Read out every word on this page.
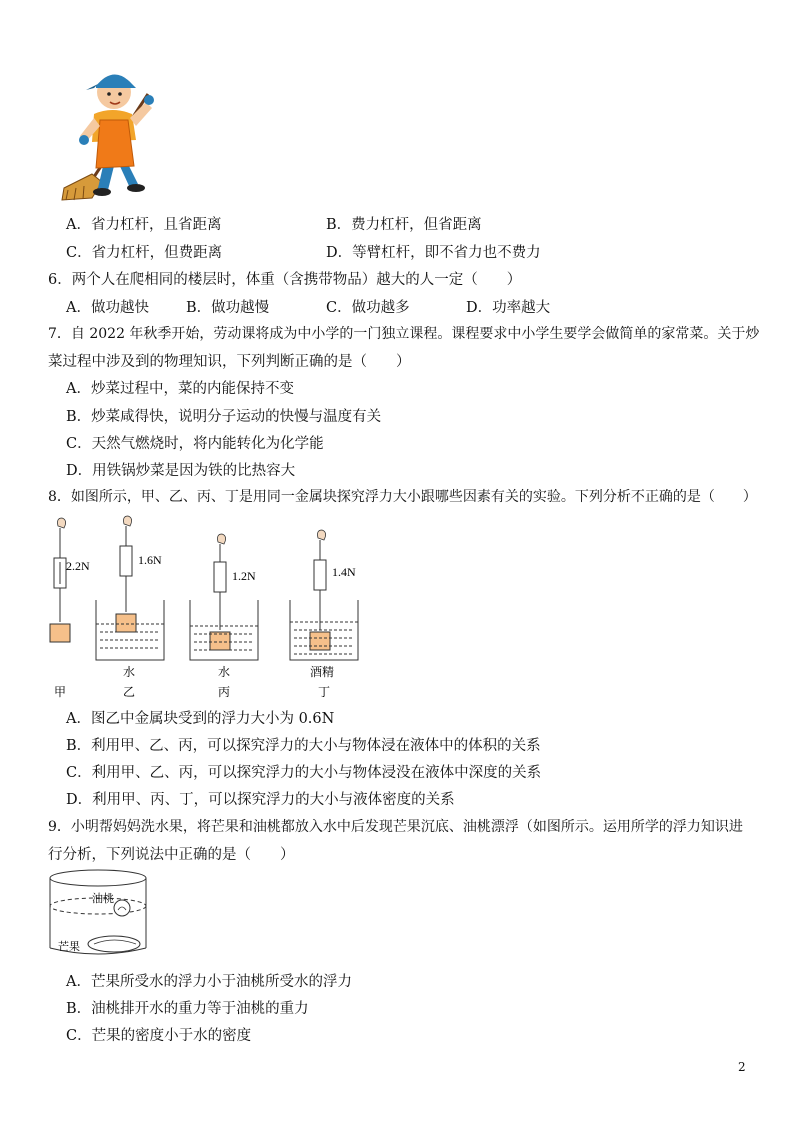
A．省力杠杆，且省距离	B．费力杠杆，但省距离
C．省力杠杆，但费距离	D．等臂杠杆，即不省力也不费力
6．两个人在爬相同的楼层时，体重（含携带物品）越大的人一定（　　）
A．做功越快	B．做功越慢	C．做功越多	D．功率越大
7．自 2022 年秋季开始，劳动课将成为中小学的一门独立课程。课程要求中小学生要学会做简单的家常菜。关于炒
菜过程中涉及到的物理知识，下列判断正确的是（　　）
A．炒菜过程中，菜的内能保持不变
B．炒菜咸得快，说明分子运动的快慢与温度有关
C．天然气燃烧时，将内能转化为化学能
D．用铁锅炒菜是因为铁的比热容大
8．如图所示，甲、乙、丙、丁是用同一金属块探究浮力大小跟哪些因素有关的实验。下列分析不正确的是（　　）
2.2N
甲
1.6N
水
乙
1.2N
水
丙
1.4N
酒精
丁
A．图乙中金属块受到的浮力大小为 0.6N
B．利用甲、乙、丙，可以探究浮力的大小与物体浸在液体中的体积的关系
C．利用甲、乙、丙，可以探究浮力的大小与物体浸没在液体中深度的关系
D．利用甲、丙、丁，可以探究浮力的大小与液体密度的关系
9．小明帮妈妈洗水果，将芒果和油桃都放入水中后发现芒果沉底、油桃漂浮（如图所示。运用所学的浮力知识进
行分析，下列说法中正确的是（　　）
油桃
芒果
A．芒果所受水的浮力小于油桃所受水的浮力
B．油桃排开水的重力等于油桃的重力
C．芒果的密度小于水的密度
2
